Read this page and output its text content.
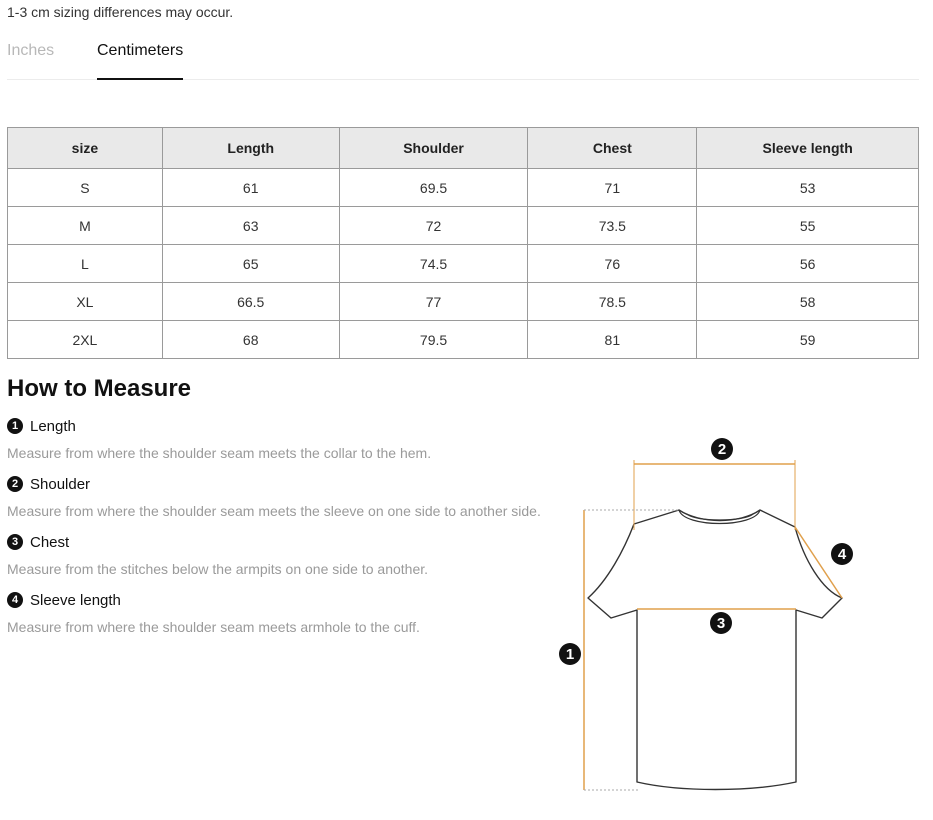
1-3 cm sizing differences may occur.
Inches	Centimeters
size	Length	Shoulder	Chest	Sleeve length
S	61	69.5	71	53
M	63	72	73.5	55
L	65	74.5	76	56
XL	66.5	77	78.5	58
2XL	68	79.5	81	59
How to Measure
1 Length
Measure from where the shoulder seam meets the collar to the hem.
2 Shoulder
Measure from where the shoulder seam meets the sleeve on one side to another side.
3 Chest
Measure from the stitches below the armpits on one side to another.
4 Sleeve length
Measure from where the shoulder seam meets armhole to the cuff.
1
2
3
4
